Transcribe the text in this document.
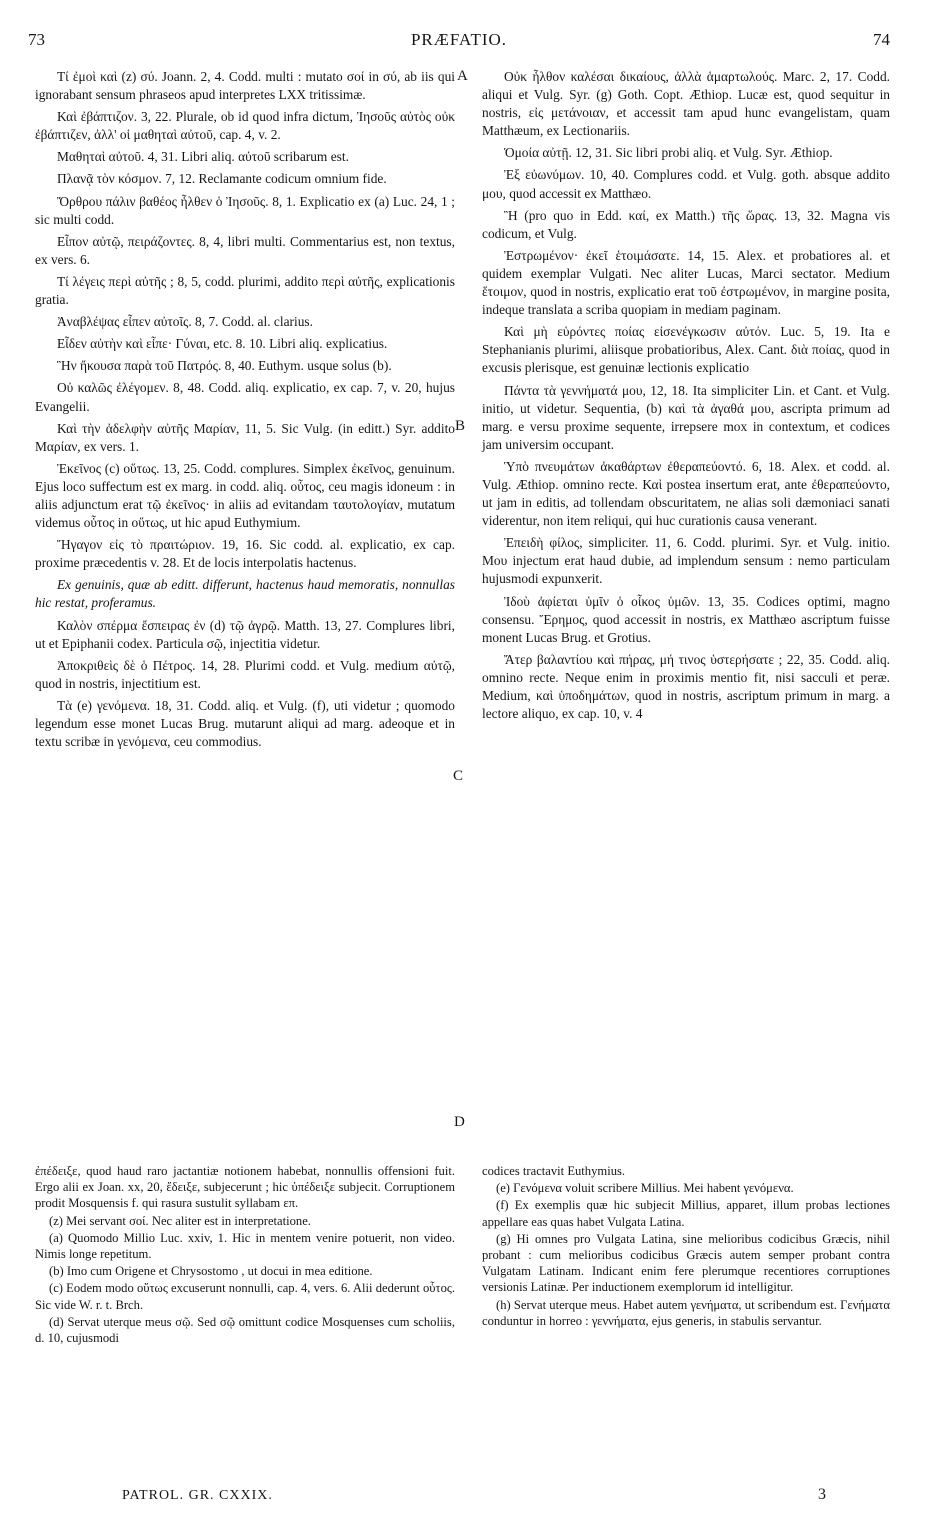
73	PRÆFATIO.	74

Τί ἐμοὶ καὶ (z) σύ. Joann. 2, 4. Codd. multi : mutato σοί in σύ, ab iis qui ignorabant sensum phraseos apud interpretes LXX tritissimæ.

Καὶ ἐβάπτιζον. 3, 22. Plurale, ob id quod infra dictum, Ἰησοῦς αὐτὸς οὐκ ἐβάπτιζεν, ἀλλ' οἱ μαθηταὶ αὐτοῦ, cap. 4, v. 2.

Μαθηταὶ αὐτοῦ. 4, 31. Libri aliq. αὐτοῦ scribarum est.

Πλανᾷ τὸν κόσμον. 7, 12. Reclamante codicum omnium fide.

Ὄρθρου πάλιν βαθέος ἦλθεν ὁ Ἰησοῦς. 8, 1. Explicatio ex (a) Luc. 24, 1 ; sic multi codd.

Εἶπον αὐτῷ, πειράζοντες. 8, 4, libri multi. Commentarius est, non textus, ex vers. 6.

Τί λέγεις περὶ αὐτῆς ; 8, 5, codd. plurimi, addito περὶ αὐτῆς, explicationis gratia.

Ἀναβλέψας εἶπεν αὐτοῖς. 8, 7. Codd. al. clarius.

Εἶδεν αὐτὴν καὶ εἶπε· Γύναι, etc. 8. 10. Libri aliq. explicatius.

Ἣν ἤκουσα παρὰ τοῦ Πατρός. 8, 40. Euthym. usque solus (b).

Οὐ καλῶς ἐλέγομεν. 8, 48. Codd. aliq. explicatio, ex cap. 7, v. 20, hujus Evangelii.

Καὶ τὴν ἀδελφὴν αὐτῆς Μαρίαν, 11, 5. Sic Vulg. (in editt.) Syr. addito Μαρίαν, ex vers. 1.

Ἐκεῖνος (c) οὕτως. 13, 25. Codd. complures. Simplex ἐκεῖνος, genuinum. Ejus loco suffectum est ex marg. in codd. aliq. οὗτος, ceu magis idoneum : in aliis adjunctum erat τῷ ἐκεῖνος· in aliis ad evitandam ταυτολογίαν, mutatum videmus οὗτος in οὕτως, ut hic apud Euthymium.

Ἤγαγον εἰς τὸ πραιτώριον. 19, 16. Sic codd. al. explicatio, ex cap. proxime præcedentis v. 28. Et de locis interpolatis hactenus.

Ex genuinis, quæ ab editt. differunt, hactenus haud memoratis, nonnullas hic restat, proferamus.

Καλὸν σπέρμα ἔσπειρας ἐν (d) τῷ ἀγρῷ. Matth. 13, 27. Complures libri, ut et Epiphanii codex. Particula σῷ, injectitia videtur.

Ἀποκριθεὶς δὲ ὁ Πέτρος. 14, 28. Plurimi codd. et Vulg. medium αὐτῷ, quod in nostris, injectitium est.

Τὰ (e) γενόμενα. 18, 31. Codd. aliq. et Vulg. (f), uti videtur ; quomodo legendum esse monet Lucas Brug. mutarunt aliqui ad marg. adeoque et in textu scribæ in γενόμενα, ceu commodius.

A
B
C
D

Οὐκ ἦλθον καλέσαι δικαίους, ἀλλὰ ἁμαρτωλούς. Marc. 2, 17. Codd. aliqui et Vulg. Syr. (g) Goth. Copt. Æthiop. Lucæ est, quod sequitur in nostris, εἰς μετάνοιαν, et accessit tam apud hunc evangelistam, quam Matthæum, ex Lectionariis.

Ὁμοία αὐτῇ. 12, 31. Sic libri probi aliq. et Vulg. Syr. Æthiop.

Ἐξ εὐωνύμων. 10, 40. Complures codd. et Vulg. goth. absque addito μου, quod accessit ex Matthæo.

Ἢ (pro quo in Edd. καί, ex Matth.) τῆς ὥρας. 13, 32. Magna vis codicum, et Vulg.

Ἐστρωμένον· ἐκεῖ ἑτοιμάσατε. 14, 15. Alex. et probatiores al. et quidem exemplar Vulgati. Nec aliter Lucas, Marci sectator. Medium ἕτοιμον, quod in nostris, explicatio erat τοῦ ἐστρωμένον, in margine posita, indeque translata a scriba quopiam in mediam paginam.

Καὶ μὴ εὑρόντες ποίας εἰσενέγκωσιν αὐτόν. Luc. 5, 19. Ita e Stephanianis plurimi, aliisque probatioribus, Alex. Cant. διὰ ποίας, quod in excusis plerisque, est genuinæ lectionis explicatio

Πάντα τὰ γεννήματά μου, 12, 18. Ita simpliciter Lin. et Cant. et Vulg. initio, ut videtur. Sequentia, (b) καὶ τὰ ἀγαθά μου, ascripta primum ad marg. e versu proxime sequente, irrepsere mox in contextum, et codices jam universim occupant.

Ὑπὸ πνευμάτων ἀκαθάρτων ἐθεραπεύοντό. 6, 18. Alex. et codd. al. Vulg. Æthiop. omnino recte. Καὶ postea insertum erat, ante ἐθεραπεύοντο, ut jam in editis, ad tollendam obscuritatem, ne alias soli dæmoniaci sanati viderentur, non item reliqui, qui huc curationis causa venerant.

Ἐπειδὴ φίλος, simpliciter. 11, 6. Codd. plurimi. Syr. et Vulg. initio. Μου injectum erat haud dubie, ad implendum sensum : nemo particulam hujusmodi expunxerit.

Ἰδοὺ ἀφίεται ὑμῖν ὁ οἶκος ὑμῶν. 13, 35. Codices optimi, magno consensu. Ἔρημος, quod accessit in nostris, ex Matthæo ascriptum fuisse monent Lucas Brug. et Grotius.

Ἄτερ βαλαντίου καὶ πήρας, μή τινος ὑστερήσατε ; 22, 35. Codd. aliq. omnino recte. Neque enim in proximis mentio fit, nisi sacculi et peræ. Medium, καὶ ὑποδημάτων, quod in nostris, ascriptum primum in marg. a lectore aliquo, ex cap. 10, v. 4

ἐπέδειξε, quod haud raro jactantiæ notionem habebat, nonnullis offensioni fuit. Ergo alii ex Joan. xx, 20, ἔδειξε, subjecerunt ; hic ὑπέδειξε subjecit. Corruptionem prodit Mosquensis f. qui rasura sustulit syllabam επ.

(z) Mei servant σοί. Nec aliter est in interpretatione.

(a) Quomodo Millio Luc. xxiv, 1. Hic in mentem venire potuerit, non video. Nimis longe repetitum.

(b) Imo cum Origene et Chrysostomo , ut docui in mea editione.

(c) Eodem modo οὕτως excuserunt nonnulli, cap. 4, vers. 6. Alii dederunt οὗτος. Sic vide W. r. t. Brch.

(d) Servat uterque meus σῷ. Sed σῷ omittunt codice Mosquenses cum scholiis, d. 10, cujusmodi

codices tractavit Euthymius.

(e) Γενόμενα voluit scribere Millius. Mei habent γενόμενα.

(f) Ex exemplis quæ hic subjecit Millius, apparet, illum probas lectiones appellare eas quas habet Vulgata Latina.

(g) Hi omnes pro Vulgata Latina, sine melioribus codicibus Græcis, nihil probant : cum melioribus codicibus Græcis autem semper probant contra Vulgatam Latinam. Indicant enim fere plerumque recentiores corruptiones versionis Latinæ. Per inductionem exemplorum id intelligitur.

(h) Servat uterque meus. Habet autem γενήματα, ut scribendum est. Γενήματα conduntur in horreo : γεννήματα, ejus generis, in stabulis servantur.

PATROL. GR. CXXIX.	3
